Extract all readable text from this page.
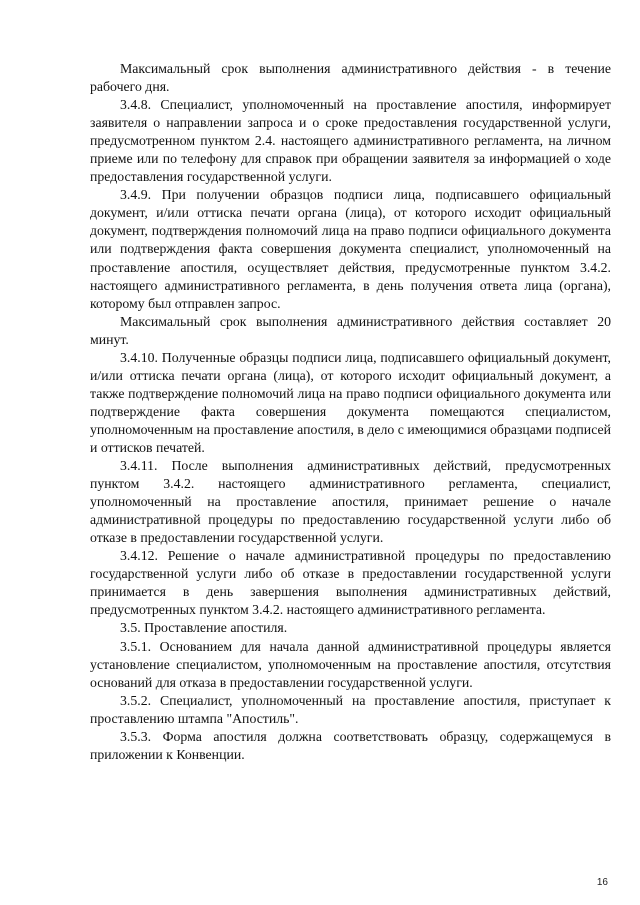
Максимальный срок выполнения административного действия - в течение рабочего дня.

3.4.8. Специалист, уполномоченный на проставление апостиля, информирует заявителя о направлении запроса и о сроке предоставления государственной услуги, предусмотренном пунктом 2.4. настоящего административного регламента, на личном приеме или по телефону для справок при обращении заявителя за информацией о ходе предоставления государственной услуги.

3.4.9. При получении образцов подписи лица, подписавшего официальный документ, и/или оттиска печати органа (лица), от которого исходит официальный документ, подтверждения полномочий лица на право подписи официального документа или подтверждения факта совершения документа специалист, уполномоченный на проставление апостиля, осуществляет действия, предусмотренные пунктом 3.4.2. настоящего административного регламента, в день получения ответа лица (органа), которому был отправлен запрос.

Максимальный срок выполнения административного действия составляет 20 минут.

3.4.10. Полученные образцы подписи лица, подписавшего официальный документ, и/или оттиска печати органа (лица), от которого исходит официальный документ, а также подтверждение полномочий лица на право подписи официального документа или подтверждение факта совершения документа помещаются специалистом, уполномоченным на проставление апостиля, в дело с имеющимися образцами подписей и оттисков печатей.

3.4.11. После выполнения административных действий, предусмотренных пунктом 3.4.2. настоящего административного регламента, специалист, уполномоченный на проставление апостиля, принимает решение о начале административной процедуры по предоставлению государственной услуги либо об отказе в предоставлении государственной услуги.

3.4.12. Решение о начале административной процедуры по предоставлению государственной услуги либо об отказе в предоставлении государственной услуги принимается в день завершения выполнения административных действий, предусмотренных пунктом 3.4.2. настоящего административного регламента.

3.5. Проставление апостиля.

3.5.1. Основанием для начала данной административной процедуры является установление специалистом, уполномоченным на проставление апостиля, отсутствия оснований для отказа в предоставлении государственной услуги.

3.5.2. Специалист, уполномоченный на проставление апостиля, приступает к проставлению штампа "Апостиль".

3.5.3. Форма апостиля должна соответствовать образцу, содержащемуся в приложении к Конвенции.

16
